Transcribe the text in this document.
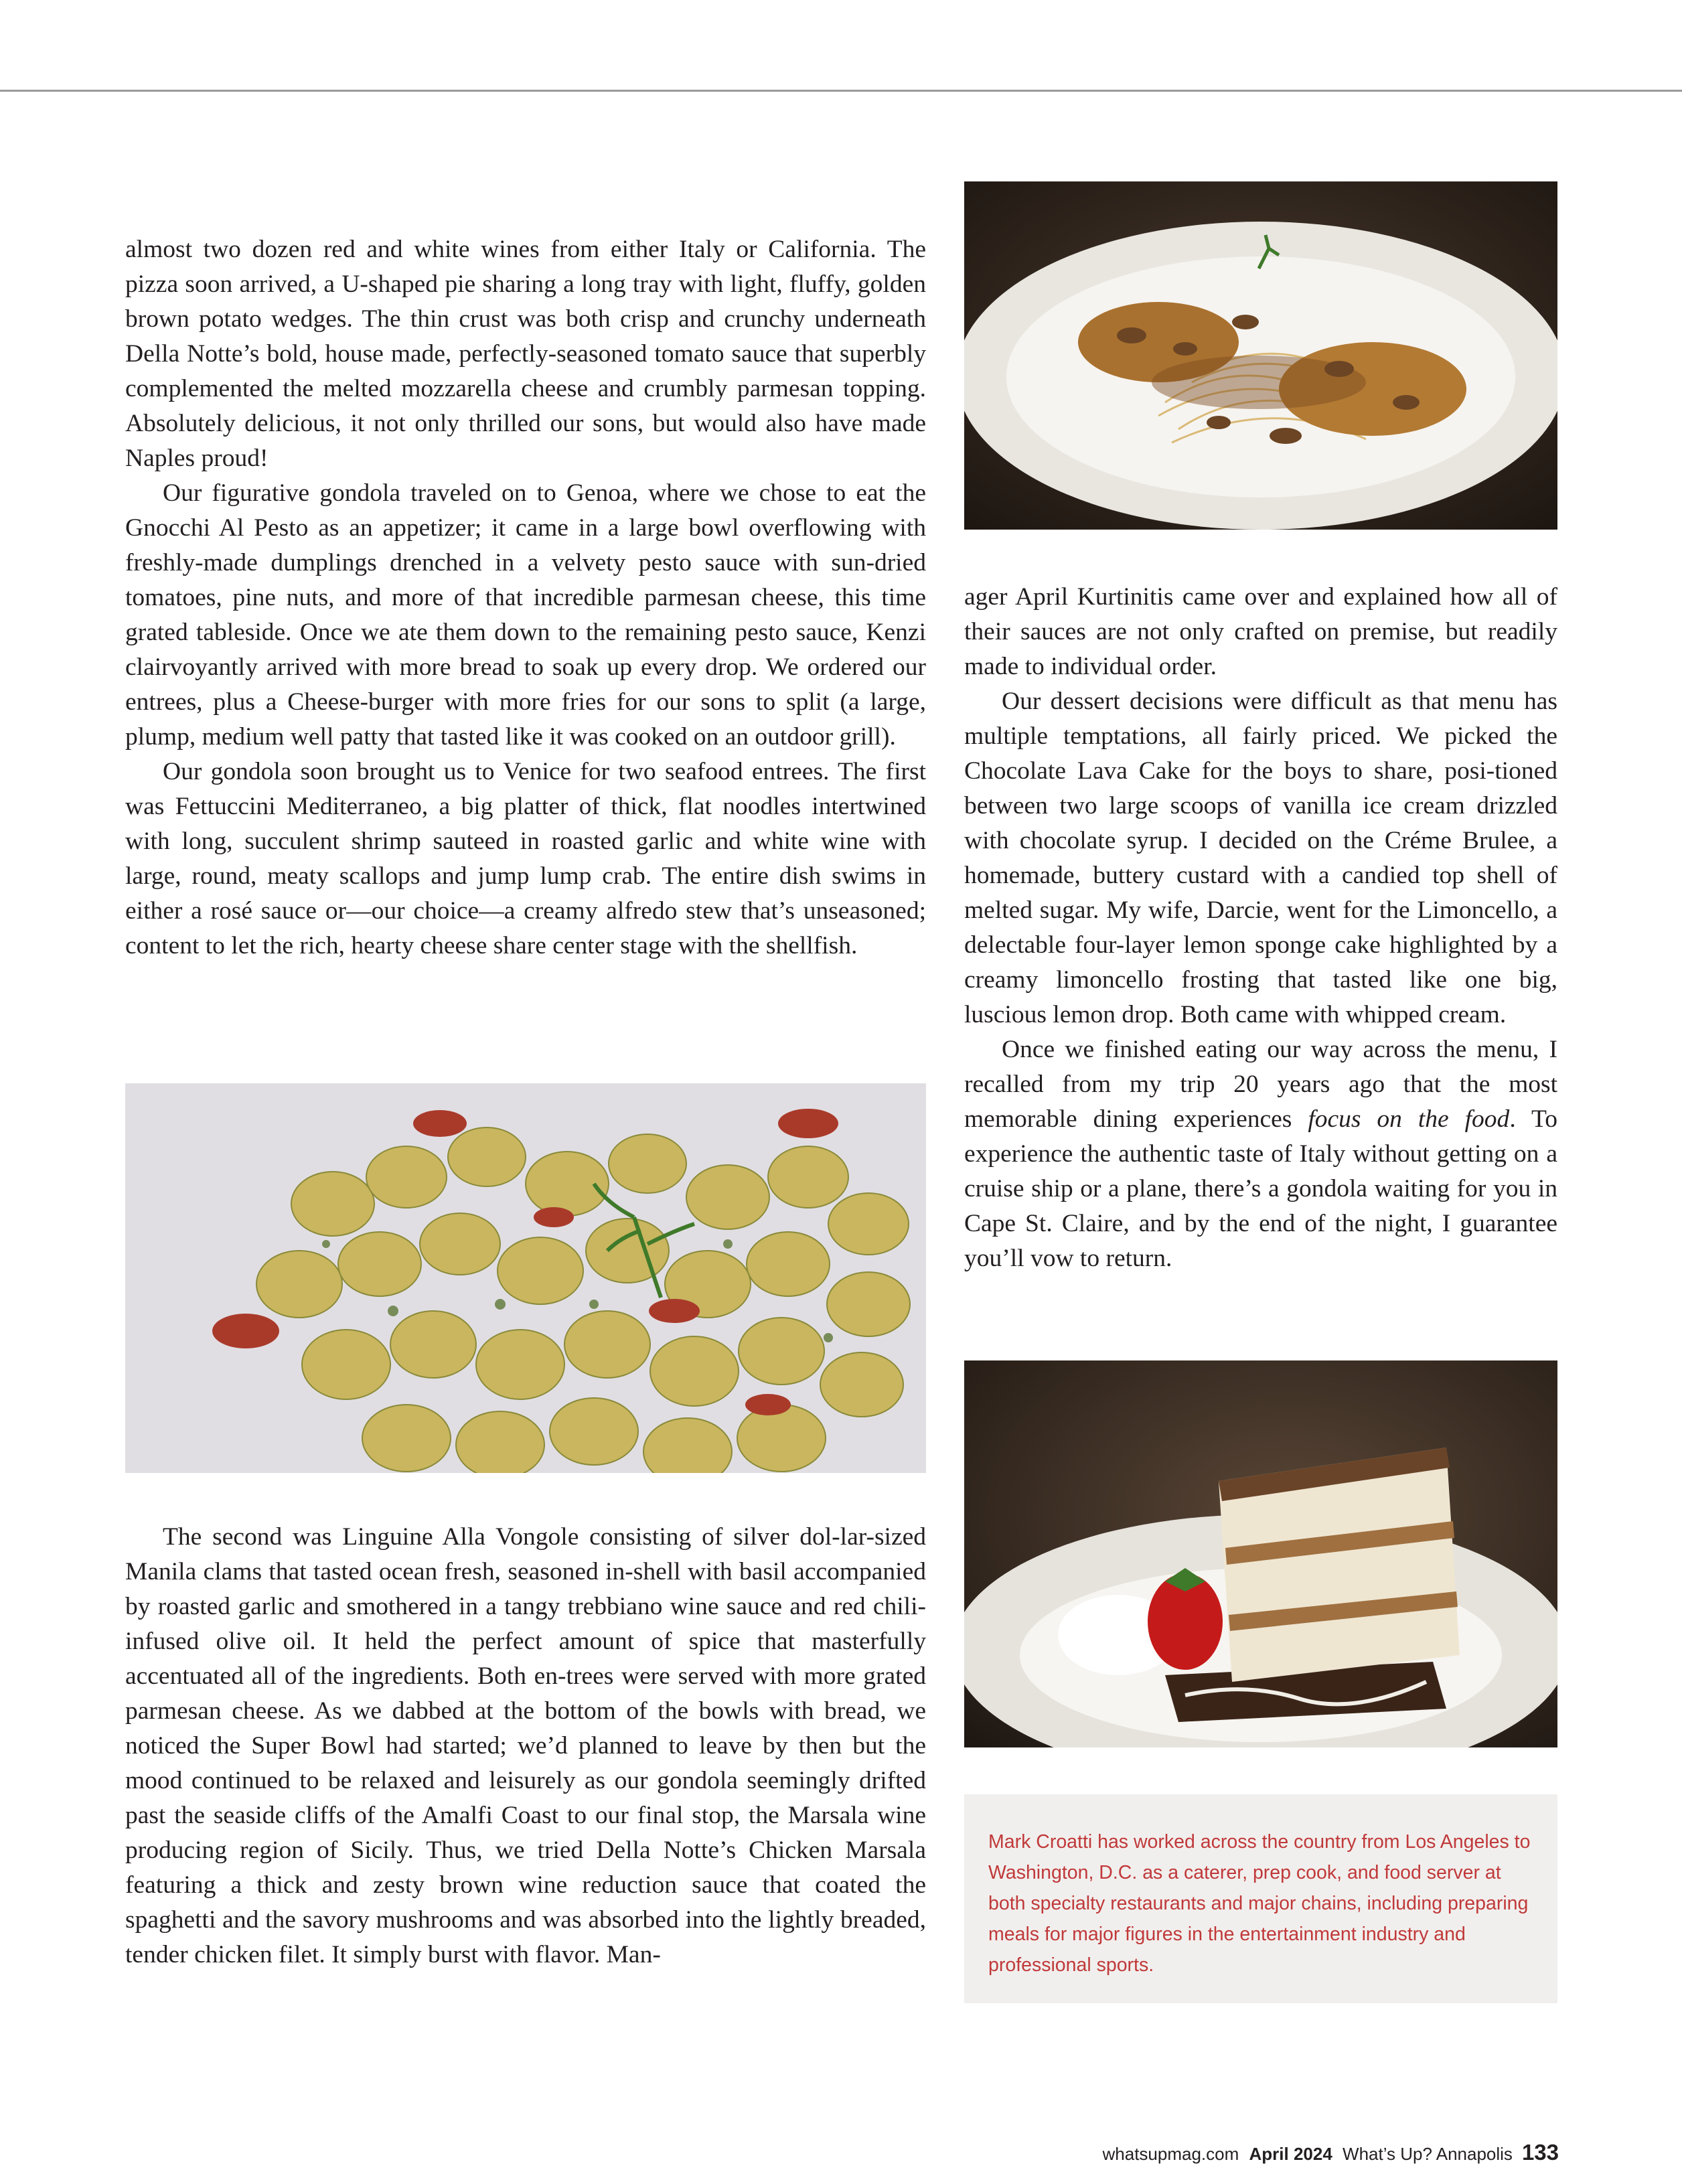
almost two dozen red and white wines from either Italy or California. The pizza soon arrived, a U-shaped pie sharing a long tray with light, fluffy, golden brown potato wedges. The thin crust was both crisp and crunchy underneath Della Notte’s bold, house made, perfectly-seasoned tomato sauce that superbly complemented the melted mozzarella cheese and crumbly parmesan topping. Absolutely delicious, it not only thrilled our sons, but would also have made Naples proud!

Our figurative gondola traveled on to Genoa, where we chose to eat the Gnocchi Al Pesto as an appetizer; it came in a large bowl overflowing with freshly-made dumplings drenched in a velvety pesto sauce with sun-dried tomatoes, pine nuts, and more of that incredible parmesan cheese, this time grated tableside. Once we ate them down to the remaining pesto sauce, Kenzi clairvoyantly arrived with more bread to soak up every drop. We ordered our entrees, plus a Cheese-burger with more fries for our sons to split (a large, plump, medium well patty that tasted like it was cooked on an outdoor grill).

Our gondola soon brought us to Venice for two seafood entrees. The first was Fettuccini Mediterraneo, a big platter of thick, flat noodles intertwined with long, succulent shrimp sauteed in roasted garlic and white wine with large, round, meaty scallops and jump lump crab. The entire dish swims in either a rosé sauce or—our choice—a creamy alfredo stew that’s unseasoned; content to let the rich, hearty cheese share center stage with the shellfish.

ager April Kurtinitis came over and explained how all of their sauces are not only crafted on premise, but readily made to individual order.

Our dessert decisions were difficult as that menu has multiple temptations, all fairly priced. We picked the Chocolate Lava Cake for the boys to share, posi-tioned between two large scoops of vanilla ice cream drizzled with chocolate syrup. I decided on the Créme Brulee, a homemade, buttery custard with a candied top shell of melted sugar. My wife, Darcie, went for the Limoncello, a delectable four-layer lemon sponge cake highlighted by a creamy limoncello frosting that tasted like one big, luscious lemon drop. Both came with whipped cream.

Once we finished eating our way across the menu, I recalled from my trip 20 years ago that the most memorable dining experiences focus on the food. To experience the authentic taste of Italy without getting on a cruise ship or a plane, there’s a gondola waiting for you in Cape St. Claire, and by the end of the night, I guarantee you’ll vow to return.

The second was Linguine Alla Vongole consisting of silver dol-lar-sized Manila clams that tasted ocean fresh, seasoned in-shell with basil accompanied by roasted garlic and smothered in a tangy trebbiano wine sauce and red chili-infused olive oil. It held the perfect amount of spice that masterfully accentuated all of the ingredients. Both en-trees were served with more grated parmesan cheese. As we dabbed at the bottom of the bowls with bread, we noticed the Super Bowl had started; we’d planned to leave by then but the mood continued to be relaxed and leisurely as our gondola seemingly drifted past the seaside cliffs of the Amalfi Coast to our final stop, the Marsala wine producing region of Sicily. Thus, we tried Della Notte’s Chicken Marsala featuring a thick and zesty brown wine reduction sauce that coated the spaghetti and the savory mushrooms and was absorbed into the lightly breaded, tender chicken filet. It simply burst with flavor. Man-

Mark Croatti has worked across the country from Los Angeles to Washington, D.C. as a caterer, prep cook, and food server at both specialty restaurants and major chains, including preparing meals for major figures in the entertainment industry and professional sports.
whatsupmag.com April 2024 What’s Up? Annapolis 133
